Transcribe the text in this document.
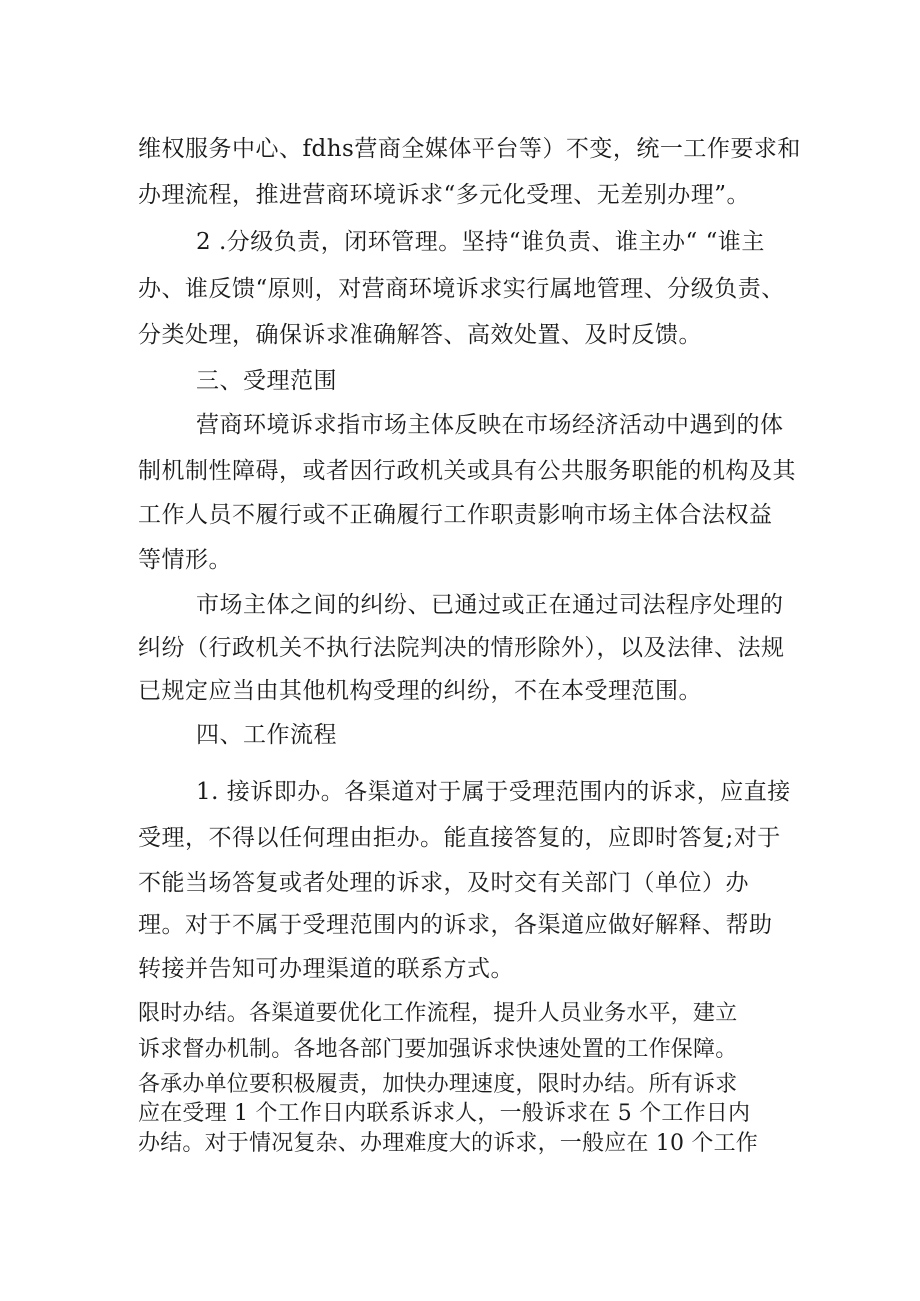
维权服务中心、fdhs营商全媒体平台等）不变，统一工作要求和

办理流程，推进营商环境诉求“多元化受理、无差别办理”。

2 .分级负责，闭环管理。坚持“谁负责、谁主办“ “谁主

办、谁反馈“原则，对营商环境诉求实行属地管理、分级负责、

分类处理，确保诉求准确解答、高效处置、及时反馈。

三、受理范围

营商环境诉求指市场主体反映在市场经济活动中遇到的体

制机制性障碍，或者因行政机关或具有公共服务职能的机构及其

工作人员不履行或不正确履行工作职责影响市场主体合法权益

等情形。

市场主体之间的纠纷、已通过或正在通过司法程序处理的

纠纷（行政机关不执行法院判决的情形除外），以及法律、法规

已规定应当由其他机构受理的纠纷，不在本受理范围。

四、工作流程

1. 接诉即办。各渠道对于属于受理范围内的诉求，应直接

受理，不得以任何理由拒办。能直接答复的，应即时答复;对于

不能当场答复或者处理的诉求，及时交有关部门（单位）办

理。对于不属于受理范围内的诉求，各渠道应做好解释、帮助

转接并告知可办理渠道的联系方式。

限时办结。各渠道要优化工作流程，提升人员业务水平，建立

诉求督办机制。各地各部门要加强诉求快速处置的工作保障。

各承办单位要积极履责，加快办理速度，限时办结。所有诉求

应在受理 1 个工作日内联系诉求人，一般诉求在 5 个工作日内

办结。对于情况复杂、办理难度大的诉求，一般应在 10 个工作
